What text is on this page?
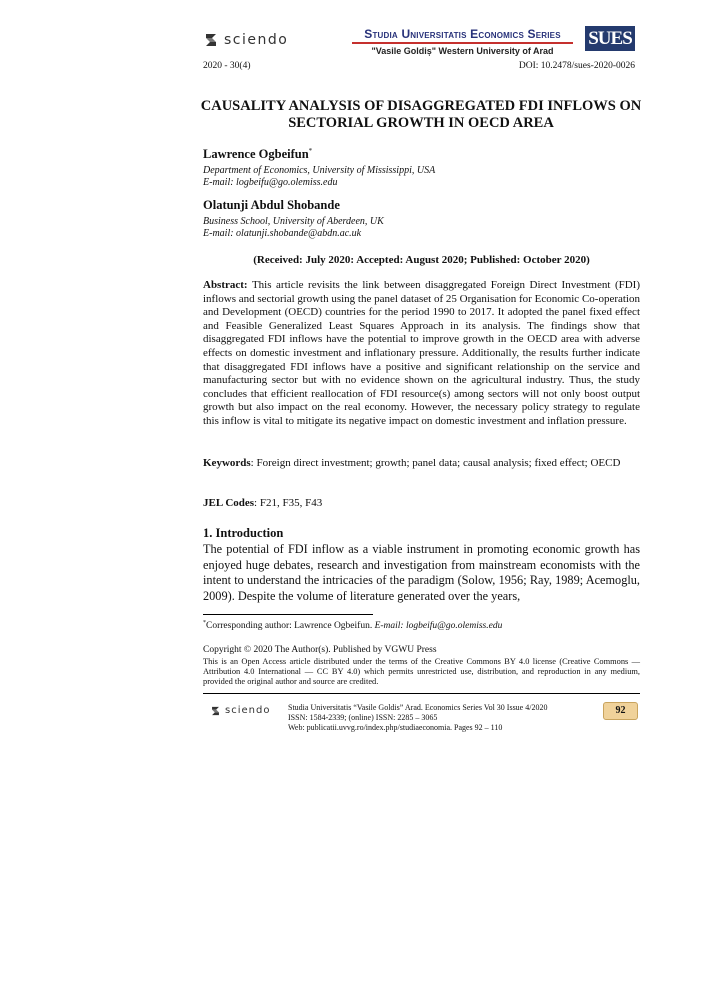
sciendo	Studia Universitatis Economics Series
"Vasile Goldiș" Western University of Arad
SUES
2020 - 30(4)	DOI: 10.2478/sues-2020-0026
CAUSALITY ANALYSIS OF DISAGGREGATED FDI INFLOWS ON SECTORIAL GROWTH IN OECD AREA
Lawrence Ogbeifun*
Department of Economics, University of Mississippi, USA
E-mail: logbeifu@go.olemiss.edu
Olatunji Abdul Shobande
Business School, University of Aberdeen, UK
E-mail: olatunji.shobande@abdn.ac.uk
(Received: July 2020: Accepted: August 2020; Published: October 2020)
Abstract: This article revisits the link between disaggregated Foreign Direct Investment (FDI) inflows and sectorial growth using the panel dataset of 25 Organisation for Economic Co-operation and Development (OECD) countries for the period 1990 to 2017. It adopted the panel fixed effect and Feasible Generalized Least Squares Approach in its analysis. The findings show that disaggregated FDI inflows have the potential to improve growth in the OECD area with adverse effects on domestic investment and inflationary pressure. Additionally, the results further indicate that disaggregated FDI inflows have a positive and significant relationship on the service and manufacturing sector but with no evidence shown on the agricultural industry. Thus, the study concludes that efficient reallocation of FDI resource(s) among sectors will not only boost output growth but also impact on the real economy. However, the necessary policy strategy to regulate this inflow is vital to mitigate its negative impact on domestic investment and inflation pressure.
Keywords: Foreign direct investment; growth; panel data; causal analysis; fixed effect; OECD
JEL Codes: F21, F35, F43
1. Introduction
The potential of FDI inflow as a viable instrument in promoting economic growth has enjoyed huge debates, research and investigation from mainstream economists with the intent to understand the intricacies of the paradigm (Solow, 1956; Ray, 1989; Acemoglu, 2009). Despite the volume of literature generated over the years,
*Corresponding author: Lawrence Ogbeifun. E-mail: logbeifu@go.olemiss.edu
Copyright © 2020 The Author(s). Published by VGWU Press
This is an Open Access article distributed under the terms of the Creative Commons BY 4.0 license (Creative Commons — Attribution 4.0 International — CC BY 4.0) which permits unrestricted use, distribution, and reproduction in any medium, provided the original author and source are credited.
sciendo Studia Universitatis “Vasile Goldis” Arad. Economics Series Vol 30 Issue 4/2020
ISSN: 1584-2339; (online) ISSN: 2285 – 3065
Web: publicatii.uvvg.ro/index.php/studiaeconomia. Pages 92 – 110
92
